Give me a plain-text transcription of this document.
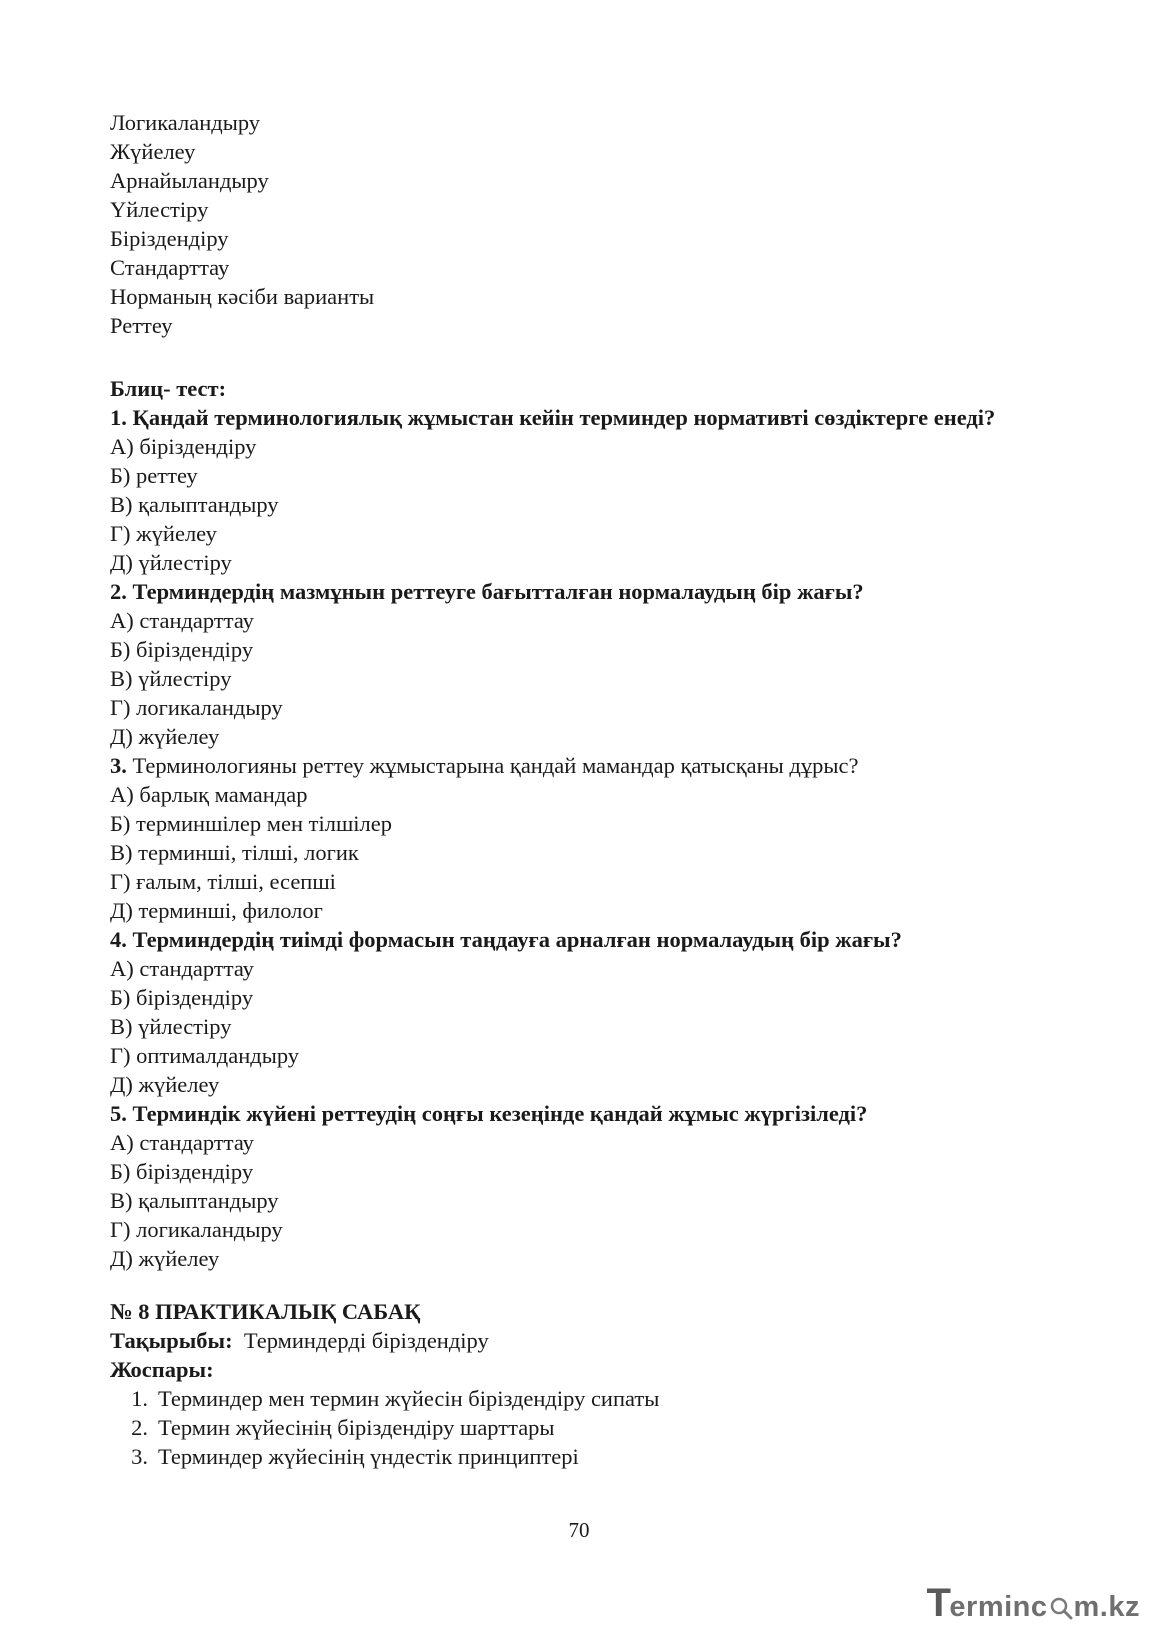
Логикаландыру
Жүйелеу
Арнайыландыру
Үйлестіру
Біріздендіру
Стандарттау
Норманың кәсіби варианты
Реттеу
Блиц- тест:
1. Қандай терминологиялық жұмыстан кейін терминдер нормативті сөздіктерге енеді?
А) біріздендіру
Б) реттеу
В) қалыптандыру
Г) жүйелеу
Д) үйлестіру
2. Терминдердің мазмұнын реттеуге бағытталған нормалаудың бір жағы?
А) стандарттау
Б) біріздендіру
В) үйлестіру
Г) логикаландыру
Д) жүйелеу
3. Терминологияны реттеу жұмыстарына қандай мамандар қатысқаны дұрыс?
А) барлық мамандар
Б) терминшілер мен тілшілер
В) терминші, тілші, логик
Г) ғалым, тілші, есепші
Д) терминші, филолог
4. Терминдердің тиімді формасын таңдауға арналған нормалаудың бір жағы?
А) стандарттау
Б) біріздендіру
В) үйлестіру
Г) оптималдандыру
Д) жүйелеу
5. Терминдік жүйені реттеудің соңғы кезеңінде қандай жұмыс жүргізіледі?
А) стандарттау
Б) біріздендіру
В) қалыптандыру
Г) логикаландыру
Д) жүйелеу
№ 8 ПРАКТИКАЛЫҚ САБАҚ
Тақырыбы: Терминдерді біріздендіру
Жоспары:
1. Терминдер мен термин жүйесін біріздендіру сипаты
2. Термин жүйесінің біріздендіру шарттары
3. Терминдер жүйесінің үндестік принциптері
70
T
erminc m.kz
